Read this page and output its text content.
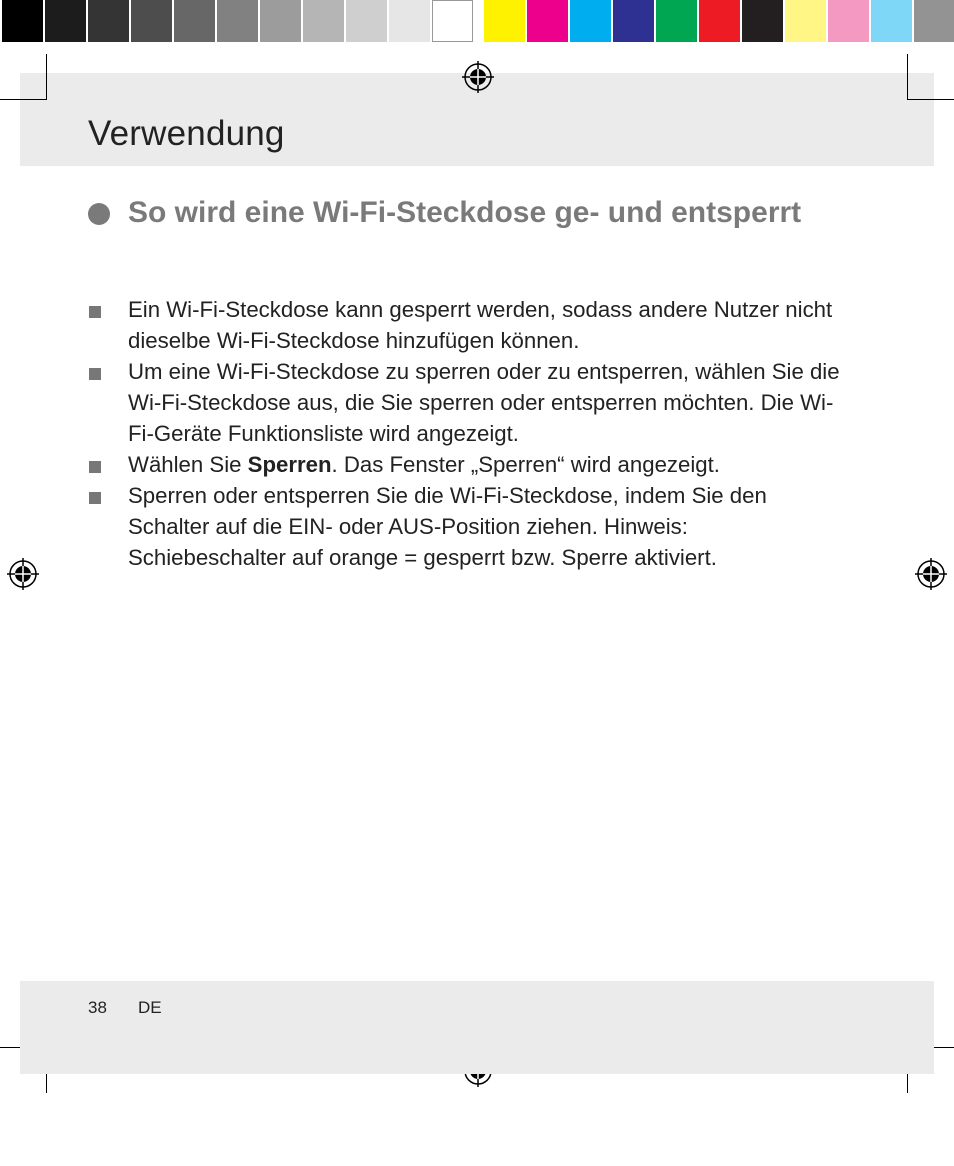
Verwendung
So wird eine Wi-Fi-Steckdose ge- und entsperrt
Ein Wi-Fi-Steckdose kann gesperrt werden, sodass andere Nutzer nicht dieselbe Wi-Fi-Steckdose hinzufügen können.
Um eine Wi-Fi-Steckdose zu sperren oder zu entsperren, wählen Sie die Wi-Fi-Steckdose aus, die Sie sperren oder entsperren möchten. Die Wi-Fi-Geräte Funktionsliste wird angezeigt.
Wählen Sie Sperren. Das Fenster „Sperren“ wird angezeigt.
Sperren oder entsperren Sie die Wi-Fi-Steckdose, indem Sie den Schalter auf die EIN- oder AUS-Position ziehen. Hinweis: Schiebeschalter auf orange = gesperrt bzw. Sperre aktiviert.
38 DE
